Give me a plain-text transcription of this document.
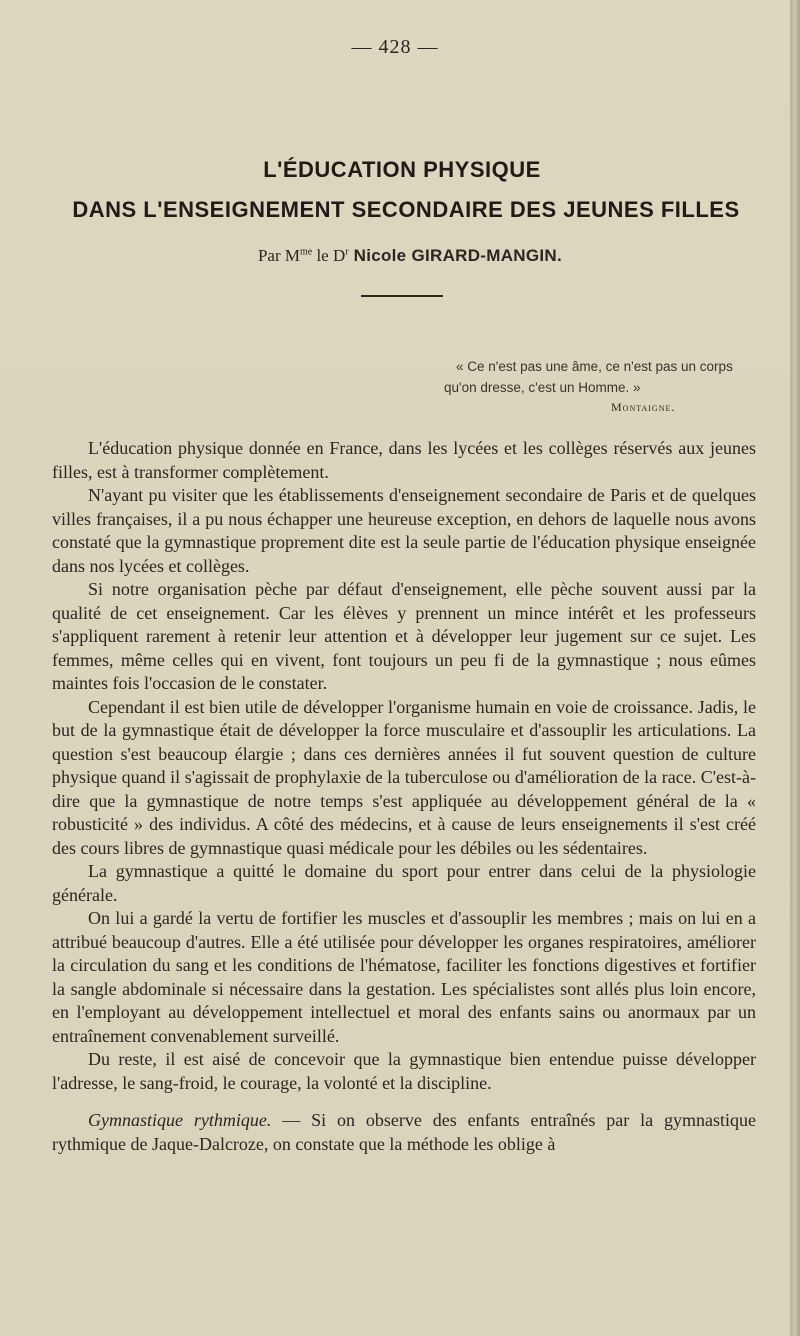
— 428 —
L'ÉDUCATION PHYSIQUE
DANS L'ENSEIGNEMENT SECONDAIRE DES JEUNES FILLES
Par $M^{me}$ le $D^r$ Nicole GIRARD-MANGIN.
« Ce n'est pas une âme, ce n'est pas un corps
qu'on dresse, c'est un Homme. »
Montaigne.

L'éducation physique donnée en France, dans les lycées et les collèges réservés aux jeunes filles, est à transformer complètement.

N'ayant pu visiter que les établissements d'enseignement secondaire de Paris et de quelques villes françaises, il a pu nous échapper une heureuse exception, en dehors de laquelle nous avons constaté que la gymnastique proprement dite est la seule partie de l'éducation physique enseignée dans nos lycées et collèges.

Si notre organisation pèche par défaut d'enseignement, elle pèche souvent aussi par la qualité de cet enseignement. Car les élèves y prennent un mince intérêt et les professeurs s'appliquent rarement à retenir leur attention et à développer leur jugement sur ce sujet. Les femmes, même celles qui en vivent, font toujours un peu fi de la gymnastique ; nous eûmes maintes fois l'occasion de le constater.

Cependant il est bien utile de développer l'organisme humain en voie de croissance. Jadis, le but de la gymnastique était de développer la force musculaire et d'assouplir les articulations. La question s'est beaucoup élargie ; dans ces dernières années il fut souvent question de culture physique quand il s'agissait de prophylaxie de la tuberculose ou d'amélioration de la race. C'est-à-dire que la gymnastique de notre temps s'est appliquée au développement général de la « robusticité » des individus. A côté des médecins, et à cause de leurs enseignements il s'est créé des cours libres de gymnastique quasi médicale pour les débiles ou les sédentaires.

La gymnastique a quitté le domaine du sport pour entrer dans celui de la physiologie générale.

On lui a gardé la vertu de fortifier les muscles et d'assouplir les membres ; mais on lui en a attribué beaucoup d'autres. Elle a été utilisée pour développer les organes respiratoires, améliorer la circulation du sang et les conditions de l'hématose, faciliter les fonctions digestives et fortifier la sangle abdominale si nécessaire dans la gestation. Les spécialistes sont allés plus loin encore, en l'employant au développement intellectuel et moral des enfants sains ou anormaux par un entraînement convenablement surveillé.

Du reste, il est aisé de concevoir que la gymnastique bien entendue puisse développer l'adresse, le sang-froid, le courage, la volonté et la discipline.

Gymnastique rythmique. — Si on observe des enfants entraînés par la gymnastique rythmique de Jaque-Dalcroze, on constate que la méthode les oblige à
